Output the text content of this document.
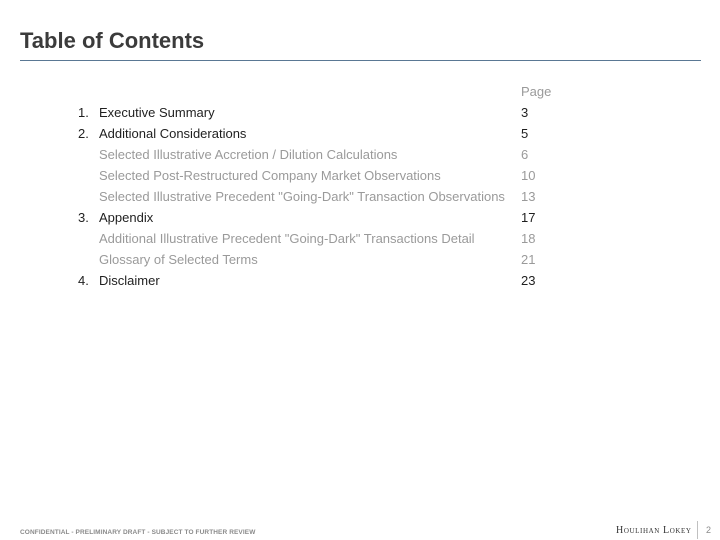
Table of Contents
Page
1. Executive Summary	3
2. Additional Considerations	5
Selected Illustrative Accretion / Dilution Calculations	6
Selected Post-Restructured Company Market Observations	10
Selected Illustrative Precedent "Going-Dark" Transaction Observations 13
3. Appendix	17
Additional Illustrative Precedent "Going-Dark" Transactions Detail	18
Glossary of Selected Terms	21
4. Disclaimer	23
CONFIDENTIAL - PRELIMINARY DRAFT - SUBJECT TO FURTHER REVIEW	Houlihan Lokey 2
